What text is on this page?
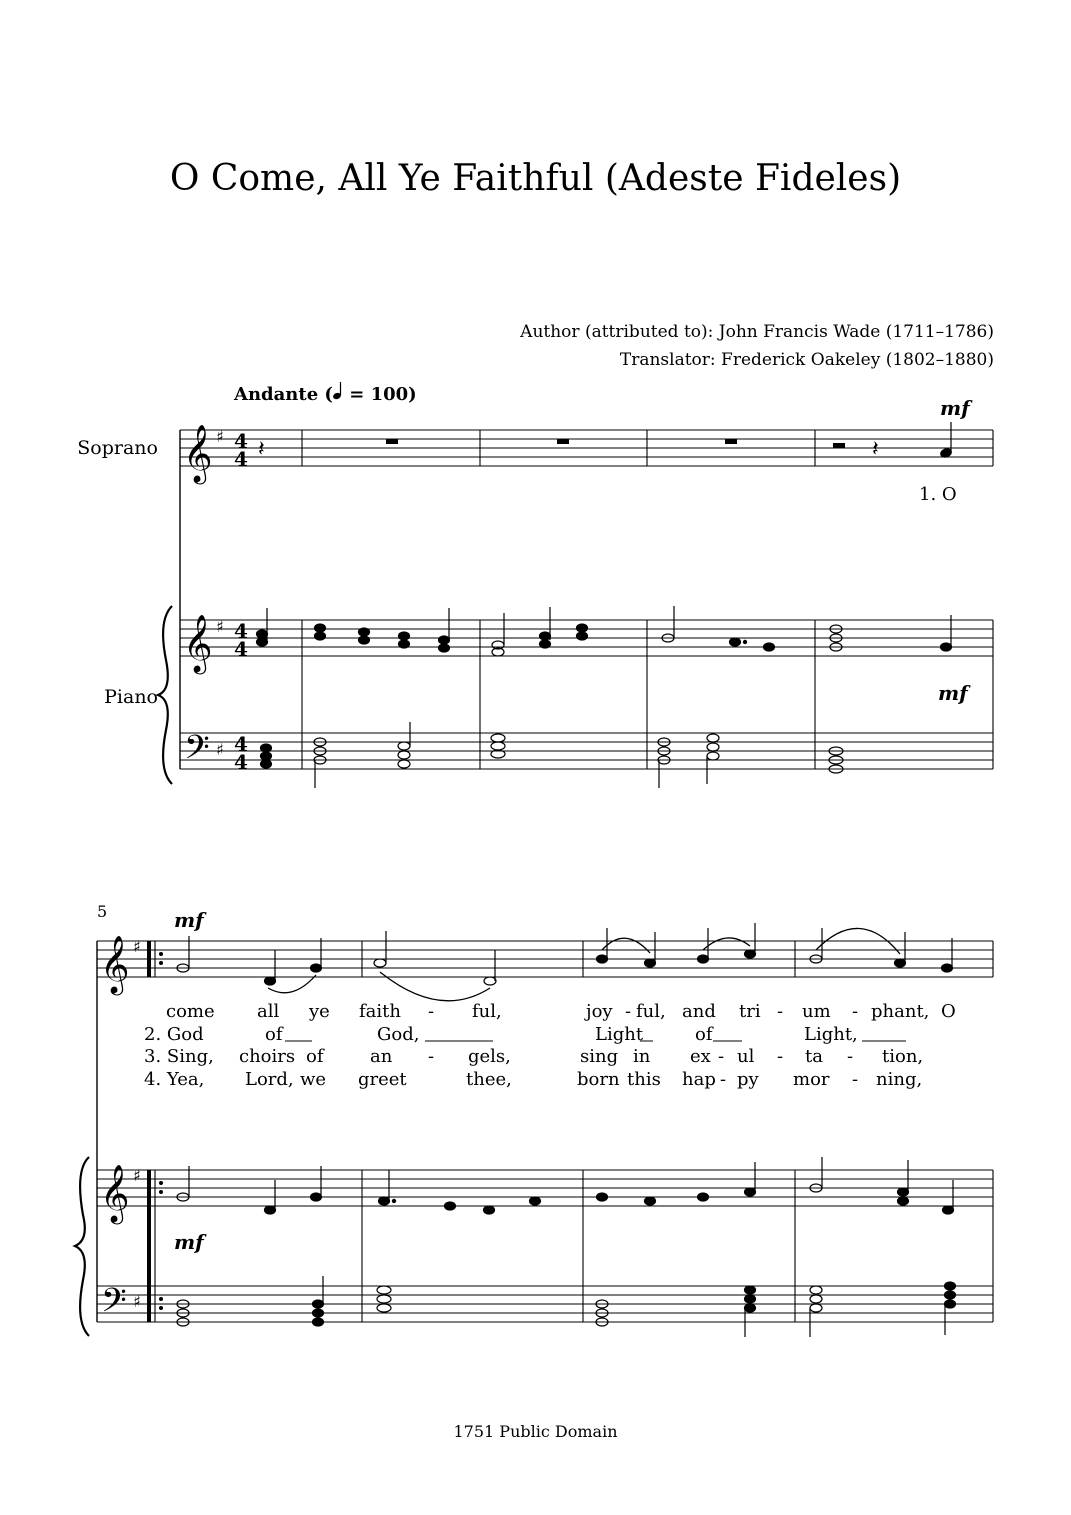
O Come, All Ye Faithful (Adeste Fideles)
Author (attributed to): John Francis Wade (1711–1786)
Translator: Frederick Oakeley (1802–1880)
Andante (
= 100)
Soprano
Piano
5
mf
mf
mf
mf
1. O
come all ye faith - ful,	joy - ful, and tri - um - phant, O
2. God	of	God,	Light	of	Light,
3. Sing, choirs of	an - gels,	sing in ex - ul - ta - tion,
4. Yea, Lord, we greet	thee,	born this hap - py mor - ning,
𝄞
𝄞
𝄢
𝄞
𝄞
𝄢
♯
♯
♯
♯
♯
♯
4
4
4
4
4
4
𝄽	𝄽
1751 Public Domain
